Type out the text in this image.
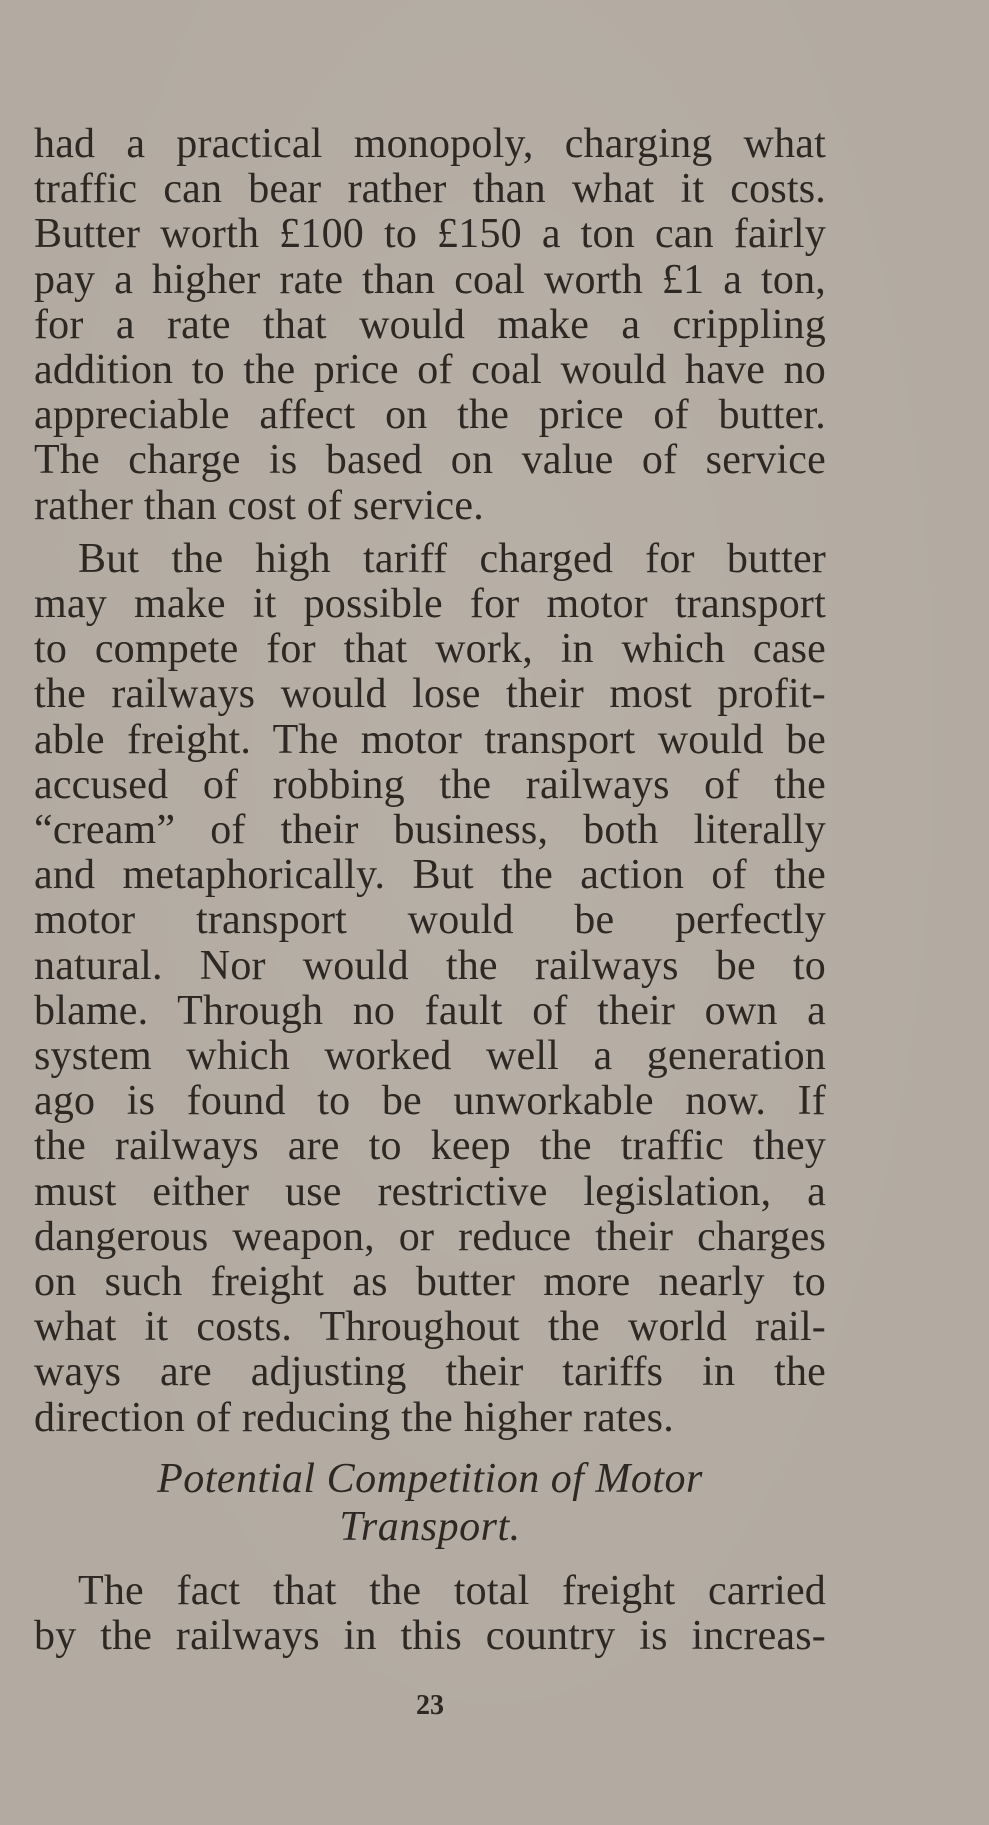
had a practical monopoly, charging what
traffic can bear rather than what it costs.
Butter worth £100 to £150 a ton can fairly
pay a higher rate than coal worth £1 a ton,
for a rate that would make a crippling
addition to the price of coal would have no
appreciable affect on the price of butter.
The charge is based on value of service
rather than cost of service.
But the high tariff charged for butter
may make it possible for motor transport
to compete for that work, in which case
the railways would lose their most profit-
able freight. The motor transport would be
accused of robbing the railways of the
“cream” of their business, both literally
and metaphorically. But the action of the
motor transport would be perfectly
natural. Nor would the railways be to
blame. Through no fault of their own a
system which worked well a generation
ago is found to be unworkable now. If
the railways are to keep the traffic they
must either use restrictive legislation, a
dangerous weapon, or reduce their charges
on such freight as butter more nearly to
what it costs. Throughout the world rail-
ways are adjusting their tariffs in the
direction of reducing the higher rates.
Potential Competition of Motor
Transport.
The fact that the total freight carried
by the railways in this country is increas-
23
